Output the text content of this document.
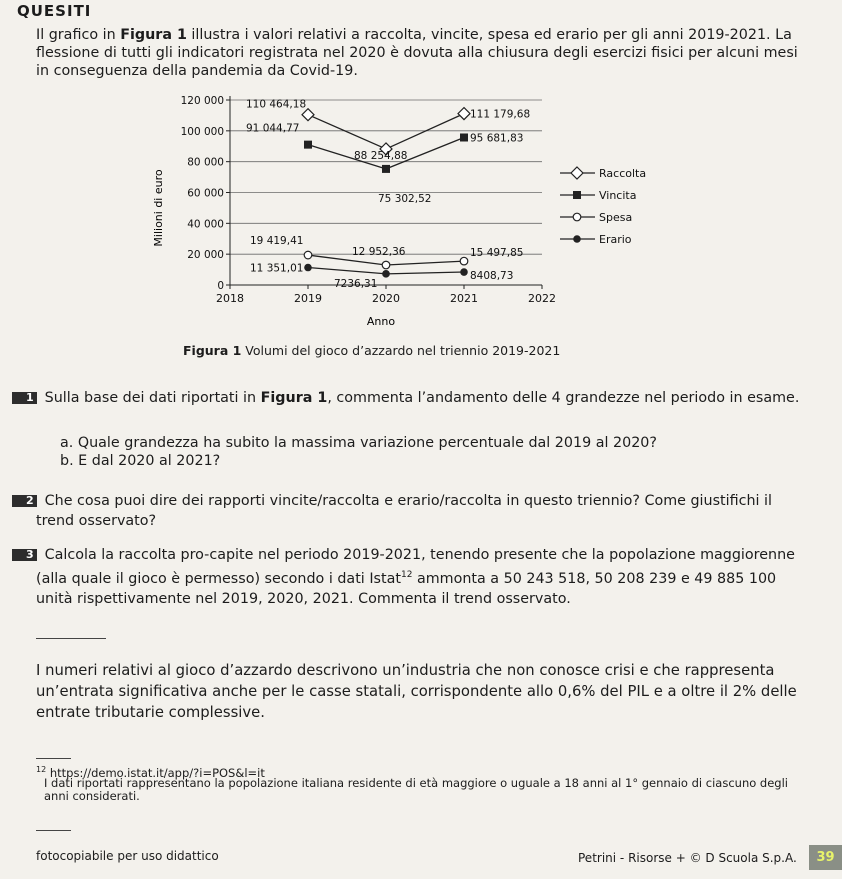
QUESITI
Il grafico in Figura 1 illustra i valori relativi a raccolta, vincite, spesa ed erario per gli anni 2019-2021. La flessione di tutti gli indicatori registrata nel 2020 è dovuta alla chiusura degli esercizi fisici per alcuni mesi in conseguenza della pandemia da Covid-19.
0
20 000
40 000
60 000
80 000
100 000
120 000
2018	2019	2020	2021	2022
110 464,18
88 254,88
111 179,68
91 044,77
75 302,52
95 681,83
19 419,41
12 952,36	15 497,85
11 351,01
7236,31
8408,73
Raccolta
Vincita
Spesa
Erario
Milioni di euro
Anno
Figura 1 Volumi del gioco d’azzardo nel triennio 2019-2021
1 Sulla base dei dati riportati in Figura 1, commenta l’andamento delle 4 grandezze nel periodo in esame.
a. Quale grandezza ha subito la massima variazione percentuale dal 2019 al 2020?
b. E dal 2020 al 2021?
2 Che cosa puoi dire dei rapporti vincite/raccolta e erario/raccolta in questo triennio? Come giustifichi il trend osservato?
3 Calcola la raccolta pro-capite nel periodo 2019-2021, tenendo presente che la popolazione maggiorenne (alla quale il gioco è permesso) secondo i dati Istat$^{12}$ ammonta a 50 243 518, 50 208 239 e 49 885 100 unità rispettivamente nel 2019, 2020, 2021. Commenta il trend osservato.
I numeri relativi al gioco d’azzardo descrivono un’industria che non conosce crisi e che rappresenta un’entrata significativa anche per le casse statali, corrispondente allo 0,6% del PIL e a oltre il 2% delle entrate tributarie complessive.
$^{12}$ https://demo.istat.it/app/?i=POS&l=it
I dati riportati rappresentano la popolazione italiana residente di età maggiore o uguale a 18 anni al 1° gennaio di ciascuno degli anni considerati.
fotocopiabile per uso didattico	Petrini - Risorse + © D Scuola S.p.A.	39
